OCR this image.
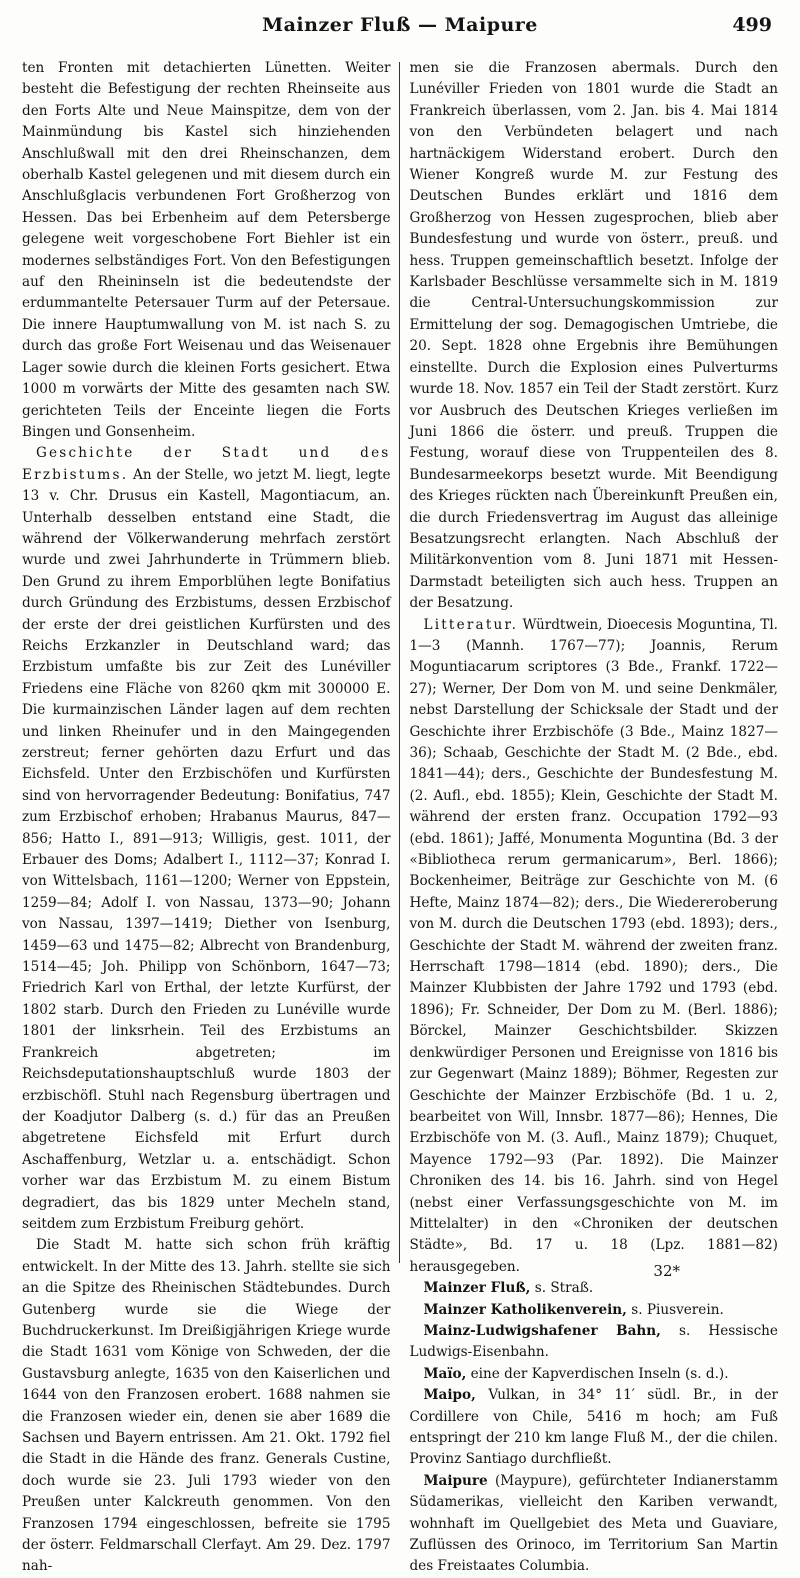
Mainzer Fluß — Maipure	499

ten Fronten mit detachierten Lünetten. Weiter besteht die Befestigung der rechten Rheinseite aus den Forts Alte und Neue Mainspitze, dem von der Mainmündung bis Kastel sich hinziehenden Anschlußwall mit den drei Rheinschanzen, dem oberhalb Kastel gelegenen und mit diesem durch ein Anschlußglacis verbundenen Fort Großherzog von Hessen. Das bei Erbenheim auf dem Petersberge gelegene weit vorgeschobene Fort Biehler ist ein modernes selbständiges Fort. Von den Befestigungen auf den Rheininseln ist die bedeutendste der erdummantelte Petersauer Turm auf der Petersaue. Die innere Hauptumwallung von M. ist nach S. zu durch das große Fort Weisenau und das Weisenauer Lager sowie durch die kleinen Forts gesichert. Etwa 1000 m vorwärts der Mitte des gesamten nach SW. gerichteten Teils der Enceinte liegen die Forts Bingen und Gonsenheim.

Geschichte der Stadt und des Erzbistums. An der Stelle, wo jetzt M. liegt, legte 13 v. Chr. Drusus ein Kastell, Magontiacum, an. Unterhalb desselben entstand eine Stadt, die während der Völkerwanderung mehrfach zerstört wurde und zwei Jahrhunderte in Trümmern blieb. Den Grund zu ihrem Emporblühen legte Bonifatius durch Gründung des Erzbistums, dessen Erzbischof der erste der drei geistlichen Kurfürsten und des Reichs Erzkanzler in Deutschland ward; das Erzbistum umfaßte bis zur Zeit des Lunéviller Friedens eine Fläche von 8260 qkm mit 300000 E. Die kurmainzischen Länder lagen auf dem rechten und linken Rheinufer und in den Maingegenden zerstreut; ferner gehörten dazu Erfurt und das Eichsfeld. Unter den Erzbischöfen und Kurfürsten sind von hervorragender Bedeutung: Bonifatius, 747 zum Erzbischof erhoben; Hrabanus Maurus, 847—856; Hatto I., 891—913; Willigis, gest. 1011, der Erbauer des Doms; Adalbert I., 1112—37; Konrad I. von Wittelsbach, 1161—1200; Werner von Eppstein, 1259—84; Adolf I. von Nassau, 1373—90; Johann von Nassau, 1397—1419; Diether von Isenburg, 1459—63 und 1475—82; Albrecht von Brandenburg, 1514—45; Joh. Philipp von Schönborn, 1647—73; Friedrich Karl von Erthal, der letzte Kurfürst, der 1802 starb. Durch den Frieden zu Lunéville wurde 1801 der linksrhein. Teil des Erzbistums an Frankreich abgetreten; im Reichsdeputationshauptschluß wurde 1803 der erzbischöfl. Stuhl nach Regensburg übertragen und der Koadjutor Dalberg (s. d.) für das an Preußen abgetretene Eichsfeld mit Erfurt durch Aschaffenburg, Wetzlar u. a. entschädigt. Schon vorher war das Erzbistum M. zu einem Bistum degradiert, das bis 1829 unter Mecheln stand, seitdem zum Erzbistum Freiburg gehört.

Die Stadt M. hatte sich schon früh kräftig entwickelt. In der Mitte des 13. Jahrh. stellte sie sich an die Spitze des Rheinischen Städtebundes. Durch Gutenberg wurde sie die Wiege der Buchdruckerkunst. Im Dreißigjährigen Kriege wurde die Stadt 1631 vom Könige von Schweden, der die Gustavsburg anlegte, 1635 von den Kaiserlichen und 1644 von den Franzosen erobert. 1688 nahmen sie die Franzosen wieder ein, denen sie aber 1689 die Sachsen und Bayern entrissen. Am 21. Okt. 1792 fiel die Stadt in die Hände des franz. Generals Custine, doch wurde sie 23. Juli 1793 wieder von den Preußen unter Kalckreuth genommen. Von den Franzosen 1794 eingeschlossen, befreite sie 1795 der österr. Feldmarschall Clerfayt. Am 29. Dez. 1797 nah-

men sie die Franzosen abermals. Durch den Lunéviller Frieden von 1801 wurde die Stadt an Frankreich überlassen, vom 2. Jan. bis 4. Mai 1814 von den Verbündeten belagert und nach hartnäckigem Widerstand erobert. Durch den Wiener Kongreß wurde M. zur Festung des Deutschen Bundes erklärt und 1816 dem Großherzog von Hessen zugesprochen, blieb aber Bundesfestung und wurde von österr., preuß. und hess. Truppen gemeinschaftlich besetzt. Infolge der Karlsbader Beschlüsse versammelte sich in M. 1819 die Central-Untersuchungskommission zur Ermittelung der sog. Demagogischen Umtriebe, die 20. Sept. 1828 ohne Ergebnis ihre Bemühungen einstellte. Durch die Explosion eines Pulverturms wurde 18. Nov. 1857 ein Teil der Stadt zerstört. Kurz vor Ausbruch des Deutschen Krieges verließen im Juni 1866 die österr. und preuß. Truppen die Festung, worauf diese von Truppenteilen des 8. Bundesarmeekorps besetzt wurde. Mit Beendigung des Krieges rückten nach Übereinkunft Preußen ein, die durch Friedensvertrag im August das alleinige Besatzungsrecht erlangten. Nach Abschluß der Militärkonvention vom 8. Juni 1871 mit Hessen-Darmstadt beteiligten sich auch hess. Truppen an der Besatzung.

Litteratur. Würdtwein, Dioecesis Moguntina, Tl. 1—3 (Mannh. 1767—77); Joannis, Rerum Moguntiacarum scriptores (3 Bde., Frankf. 1722—27); Werner, Der Dom von M. und seine Denkmäler, nebst Darstellung der Schicksale der Stadt und der Geschichte ihrer Erzbischöfe (3 Bde., Mainz 1827—36); Schaab, Geschichte der Stadt M. (2 Bde., ebd. 1841—44); ders., Geschichte der Bundesfestung M. (2. Aufl., ebd. 1855); Klein, Geschichte der Stadt M. während der ersten franz. Occupation 1792—93 (ebd. 1861); Jaffé, Monumenta Moguntina (Bd. 3 der «Bibliotheca rerum germanicarum», Berl. 1866); Bockenheimer, Beiträge zur Geschichte von M. (6 Hefte, Mainz 1874—82); ders., Die Wiedereroberung von M. durch die Deutschen 1793 (ebd. 1893); ders., Geschichte der Stadt M. während der zweiten franz. Herrschaft 1798—1814 (ebd. 1890); ders., Die Mainzer Klubbisten der Jahre 1792 und 1793 (ebd. 1896); Fr. Schneider, Der Dom zu M. (Berl. 1886); Börckel, Mainzer Geschichtsbilder. Skizzen denkwürdiger Personen und Ereignisse von 1816 bis zur Gegenwart (Mainz 1889); Böhmer, Regesten zur Geschichte der Mainzer Erzbischöfe (Bd. 1 u. 2, bearbeitet von Will, Innsbr. 1877—86); Hennes, Die Erzbischöfe von M. (3. Aufl., Mainz 1879); Chuquet, Mayence 1792—93 (Par. 1892). Die Mainzer Chroniken des 14. bis 16. Jahrh. sind von Hegel (nebst einer Verfassungsgeschichte von M. im Mittelalter) in den «Chroniken der deutschen Städte», Bd. 17 u. 18 (Lpz. 1881—82) herausgegeben.

Mainzer Fluß, s. Straß.

Mainzer Katholikenverein, s. Piusverein.

Mainz-Ludwigshafener Bahn, s. Hessische Ludwigs-Eisenbahn.

Maïo, eine der Kapverdischen Inseln (s. d.).

Maipo, Vulkan, in 34° 11′ südl. Br., in der Cordillere von Chile, 5416 m hoch; am Fuß entspringt der 210 km lange Fluß M., der die chilen. Provinz Santiago durchfließt.

Maipure (Maypure), gefürchteter Indianerstamm Südamerikas, vielleicht den Kariben verwandt, wohnhaft im Quellgebiet des Meta und Guaviare, Zuflüssen des Orinoco, im Territorium San Martin des Freistaates Columbia.

32*
